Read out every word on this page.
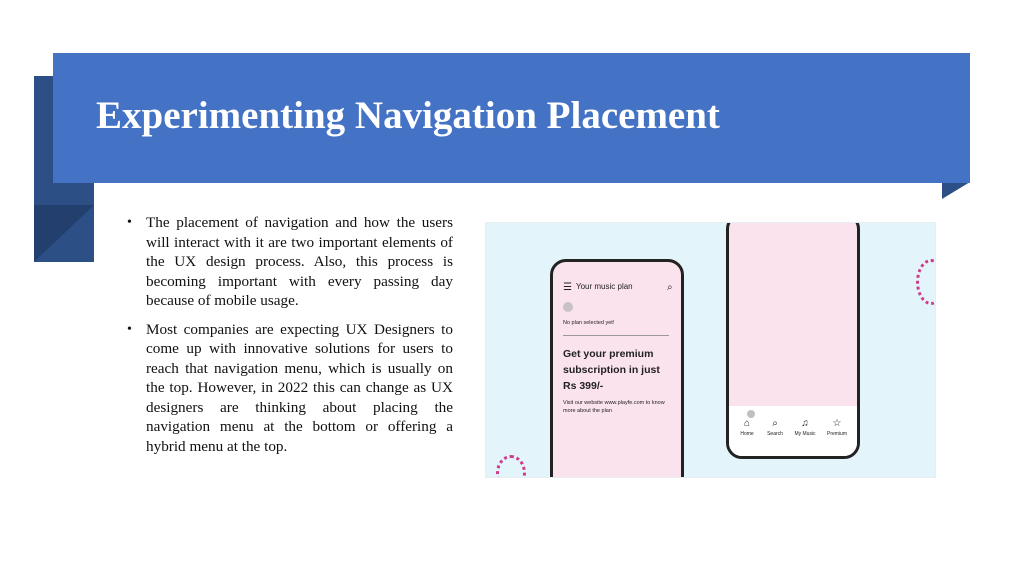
Experimenting Navigation Placement
• The placement of navigation and how the users will interact with it are two important elements of the UX design process. Also, this process is becoming important with every passing day because of mobile usage.
• Most companies are expecting UX Designers to come up with innovative solutions for users to reach that navigation menu, which is usually on the top. However, in 2022 this can change as UX designers are thinking about placing the navigation menu at the bottom or offering a hybrid menu at the top.
☰ Your music plan	⌕
No plan selected yet!
Get your premium subscription in just Rs 399/-
Visit our website www.playfe.com to know more about the plan
⌂
Home
⌕
Search
♫
My Music
☆
Premium
